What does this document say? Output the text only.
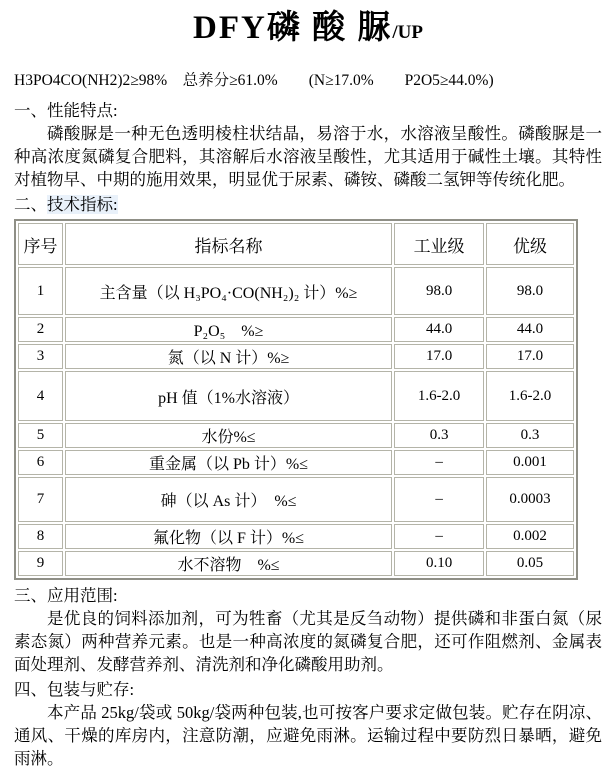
DFY磷 酸 脲/UP

H3PO4CO(NH2)2≥98%　总养分≥61.0%　　(N≥17.0%　　P2O5≥44.0%)

一、性能特点:

磷酸脲是一种无色透明棱柱状结晶，易溶于水，水溶液呈酸性。磷酸脲是一种高浓度氮磷复合肥料，其溶解后水溶液呈酸性，尤其适用于碱性土壤。其特性对植物早、中期的施用效果，明显优于尿素、磷铵、磷酸二氢钾等传统化肥。

二、技术指标:

序号	指标名称	工业级	优级
1	主含量（以 H₃PO₄·CO(NH₂)₂ 计）%≥	98.0	98.0
2	P₂O₅　%≥	44.0	44.0
3	氮（以 N 计）%≥	17.0	17.0
4	pH 值（1%水溶液）	1.6-2.0	1.6-2.0
5	水份%≤	0.3	0.3
6	重金属（以 Pb 计）%≤	–	0.001
7	砷（以 As 计）　%≤	–	0.0003
8	氟化物（以 F 计）%≤	–	0.002
9	水不溶物　%≤	0.10	0.05

三、应用范围:

是优良的饲料添加剂，可为牲畜（尤其是反刍动物）提供磷和非蛋白氮（尿素态氮）两种营养元素。也是一种高浓度的氮磷复合肥，还可作阻燃剂、金属表面处理剂、发酵营养剂、清洗剂和净化磷酸用助剂。

四、包装与贮存:

本产品 25kg/袋或 50kg/袋两种包装,也可按客户要求定做包装。贮存在阴凉、通风、干燥的库房内，注意防潮，应避免雨淋。运输过程中要防烈日暴晒，避免雨淋。
